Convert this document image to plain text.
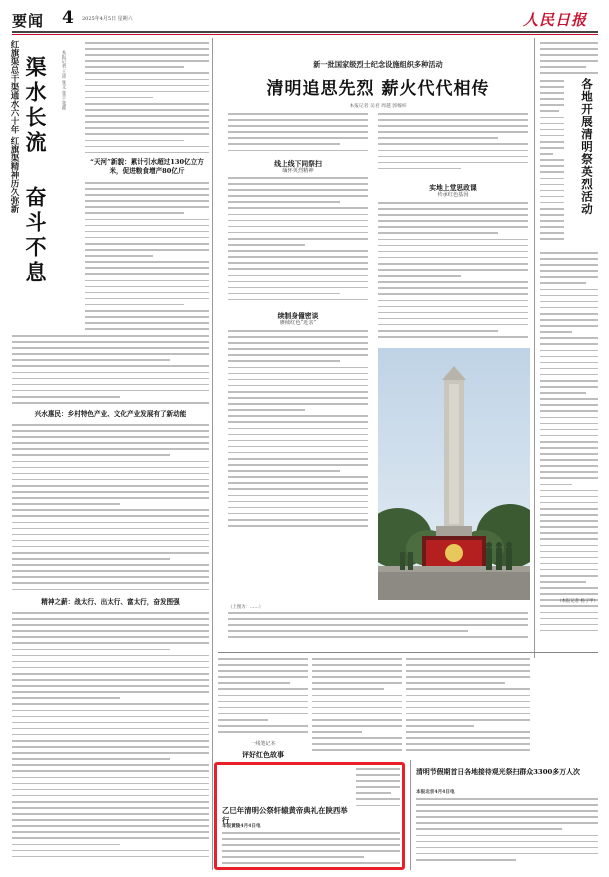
要闻 4 2025年4月5日 星期六	人民日报
红旗渠总干渠通水六十年 红旗渠精神历久弥新 渠水长流
奋斗不息
本报记者 王沛 张文 张丰 张鑫
“天河”新貌：累计引水超过130亿立方米，促进粮食增产80亿斤
兴水惠民：乡村特色产业、文化产业发展有了新动能
精神之薪：战太行、出太行、富太行，奋发图强
新一批国家级烈士纪念设施组织多种活动
清明追思先烈 薪火代代相传
本报记者 吴君 周越 郭榛梓
线上线下同祭扫
缅怀英烈精神
续制身僮密谈
赓续红色“近亲”
实地上堂思政课
传承红色基因
（上图为：……）
各地开展清明祭英烈活动
（本报记者 杨子甲）
一线笔记本
评好红色故事
乙巳年清明公祭轩辕黄帝典礼在陕西举行
本报黄陵4月4日电
清明节假期首日各地接待观光祭扫群众3300多万人次
本报北京4月4日电
